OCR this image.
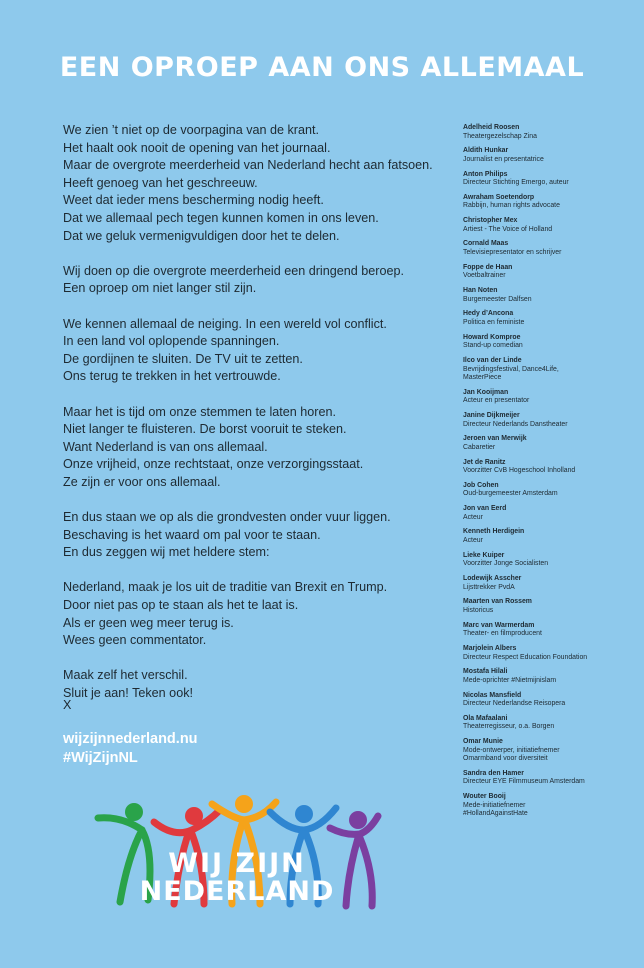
EEN OPROEP AAN ONS ALLEMAAL
We zien ’t niet op de voorpagina van de krant.
Het haalt ook nooit de opening van het journaal.
Maar de overgrote meerderheid van Nederland hecht aan fatsoen.
Heeft genoeg van het geschreeuw.
Weet dat ieder mens bescherming nodig heeft.
Dat we allemaal pech tegen kunnen komen in ons leven.
Dat we geluk vermenigvuldigen door het te delen.
Wij doen op die overgrote meerderheid een dringend beroep.
Een oproep om niet langer stil zijn.
We kennen allemaal de neiging. In een wereld vol conflict.
In een land vol oplopende spanningen.
De gordijnen te sluiten. De TV uit te zetten.
Ons terug te trekken in het vertrouwde.
Maar het is tijd om onze stemmen te laten horen.
Niet langer te fluisteren. De borst vooruit te steken.
Want Nederland is van ons allemaal.
Onze vrijheid, onze rechtstaat, onze verzorgingsstaat.
Ze zijn er voor ons allemaal.
En dus staan we op als die grondvesten onder vuur liggen.
Beschaving is het waard om pal voor te staan.
En dus zeggen wij met heldere stem:
Nederland, maak je los uit de traditie van Brexit en Trump.
Door niet pas op te staan als het te laat is.
Als er geen weg meer terug is.
Wees geen commentator.
Maak zelf het verschil.
Sluit je aan! Teken ook!
X
wijzijnnederland.nu
#WijZijnNL
WIJ ZIJN
NEDERLAND
Adelheid Roosen
Theatergezelschap Zina
Aldith Hunkar
Journalist en presentatrice
Anton Philips
Directeur Stichting Emergo, auteur
Awraham Soetendorp
Rabbijn, human rights advocate
Christopher Mex
Artiest - The Voice of Holland
Cornald Maas
Televisiepresentator en schrijver
Foppe de Haan
Voetbaltrainer
Han Noten
Burgemeester Dalfsen
Hedy d’Ancona
Politica en feministe
Howard Komproe
Stand-up comedian
Ilco van der Linde
Bevrijdingsfestival, Dance4Life,
MasterPiece
Jan Kooijman
Acteur en presentator
Janine Dijkmeijer
Directeur Nederlands Danstheater
Jeroen van Merwijk
Cabaretier
Jet de Ranitz
Voorzitter CvB Hogeschool Inholland
Job Cohen
Oud-burgemeester Amsterdam
Jon van Eerd
Acteur
Kenneth Herdigein
Acteur
Lieke Kuiper
Voorzitter Jonge Socialisten
Lodewijk Asscher
Lijsttrekker PvdA
Maarten van Rossem
Historicus
Marc van Warmerdam
Theater- en filmproducent
Marjolein Albers
Directeur Respect Education Foundation
Mostafa Hilali
Mede-oprichter #Nietmijnislam
Nicolas Mansfield
Directeur Nederlandse Reisopera
Ola Mafaalani
Theaterregisseur, o.a. Borgen
Omar Munie
Mode-ontwerper, initiatiefnemer
Omarmband voor diversiteit
Sandra den Hamer
Directeur EYE Filmmuseum Amsterdam
Wouter Booij
Mede-initiatiefnemer
#HollandAgainstHate
